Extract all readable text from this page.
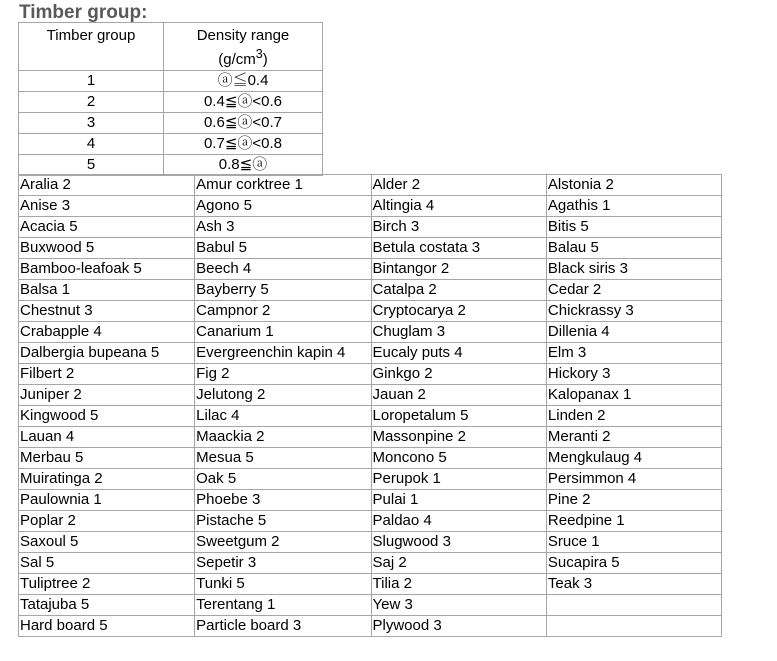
Timber group:
Timber group	Density range
$(g/cm^3)$
1	ⓐ≦0.4
2	0.4≦ⓐ<0.6
3	0.6≦ⓐ<0.7
4	0.7≦ⓐ<0.8
5	0.8≦ⓐ
Aralia 2	Amur corktree 1	Alder 2	Alstonia 2
Anise 3	Agono 5	Altingia 4	Agathis 1
Acacia 5	Ash 3	Birch 3	Bitis 5
Buxwood 5	Babul 5	Betula costata 3	Balau 5
Bamboo-leafoak 5	Beech 4	Bintangor 2	Black siris 3
Balsa 1	Bayberry 5	Catalpa 2	Cedar 2
Chestnut 3	Campnor 2	Cryptocarya 2	Chickrassy 3
Crabapple 4	Canarium 1	Chuglam 3	Dillenia 4
Dalbergia bupeana 5	Evergreenchin kapin 4	Eucaly puts 4	Elm 3
Filbert 2	Fig 2	Ginkgo 2	Hickory 3
Juniper 2	Jelutong 2	Jauan 2	Kalopanax 1
Kingwood 5	Lilac 4	Loropetalum 5	Linden 2
Lauan 4	Maackia 2	Massonpine 2	Meranti 2
Merbau 5	Mesua 5	Moncono 5	Mengkulaug 4
Muiratinga 2	Oak 5	Perupok 1	Persimmon 4
Paulownia 1	Phoebe 3	Pulai 1	Pine 2
Poplar 2	Pistache 5	Paldao 4	Reedpine 1
Saxoul 5	Sweetgum 2	Slugwood 3	Sruce 1
Sal 5	Sepetir 3	Saj 2	Sucapira 5
Tuliptree 2	Tunki 5	Tilia 2	Teak 3
Tatajuba 5	Terentang 1	Yew 3	
Hard board 5	Particle board 3	Plywood 3	
